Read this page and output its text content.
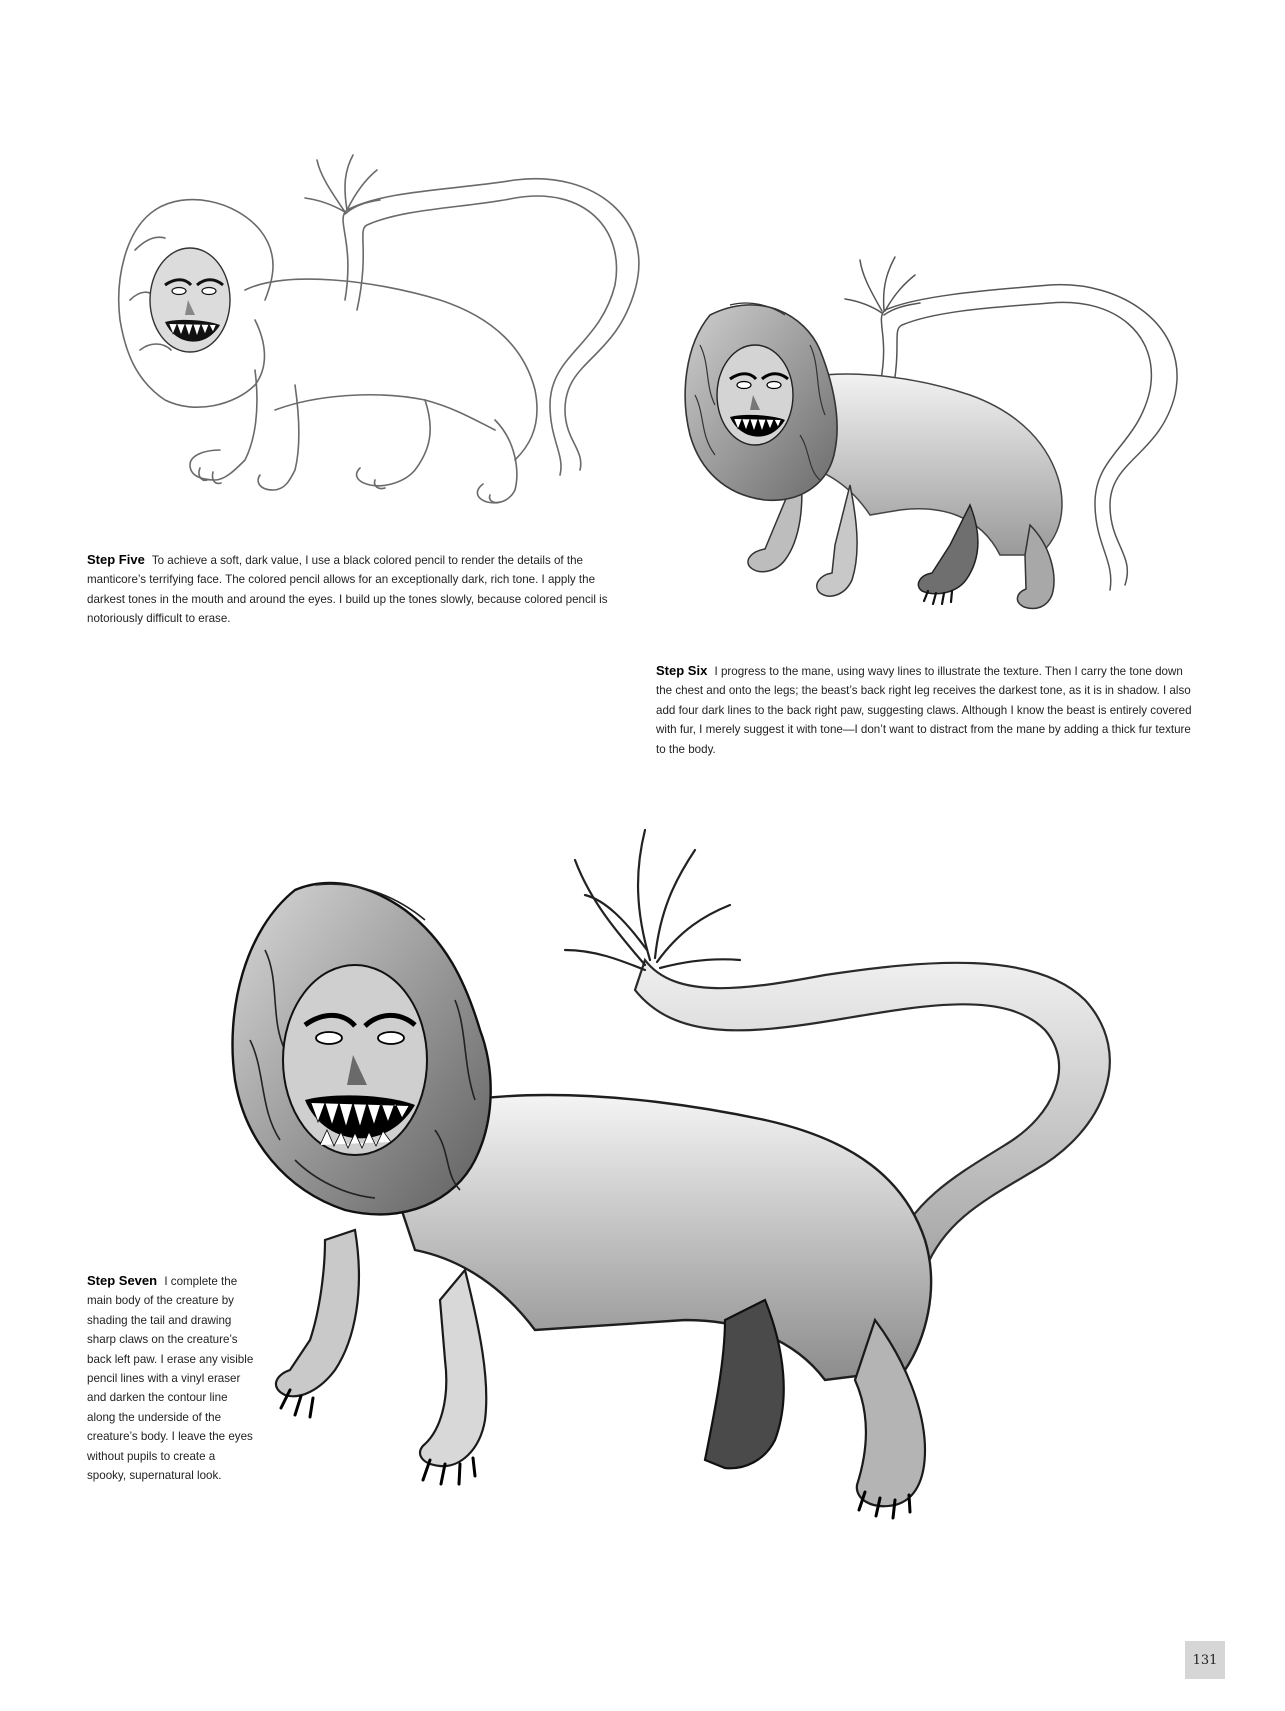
Step Five To achieve a soft, dark value, I use a black colored pencil to render the details of the manticore’s terrifying face. The colored pencil allows for an exceptionally dark, rich tone. I apply the darkest tones in the mouth and around the eyes. I build up the tones slowly, because colored pencil is notoriously difficult to erase.
Step Six I progress to the mane, using wavy lines to illustrate the texture. Then I carry the tone down the chest and onto the legs; the beast’s back right leg receives the darkest tone, as it is in shadow. I also add four dark lines to the back right paw, suggesting claws. Although I know the beast is entirely covered with fur, I merely suggest it with tone—I don’t want to distract from the mane by adding a thick fur texture to the body.
Step Seven I complete the main body of the creature by shading the tail and drawing sharp claws on the creature’s back left paw. I erase any visible pencil lines with a vinyl eraser and darken the contour line along the underside of the creature’s body. I leave the eyes without pupils to create a spooky, supernatural look.
131
